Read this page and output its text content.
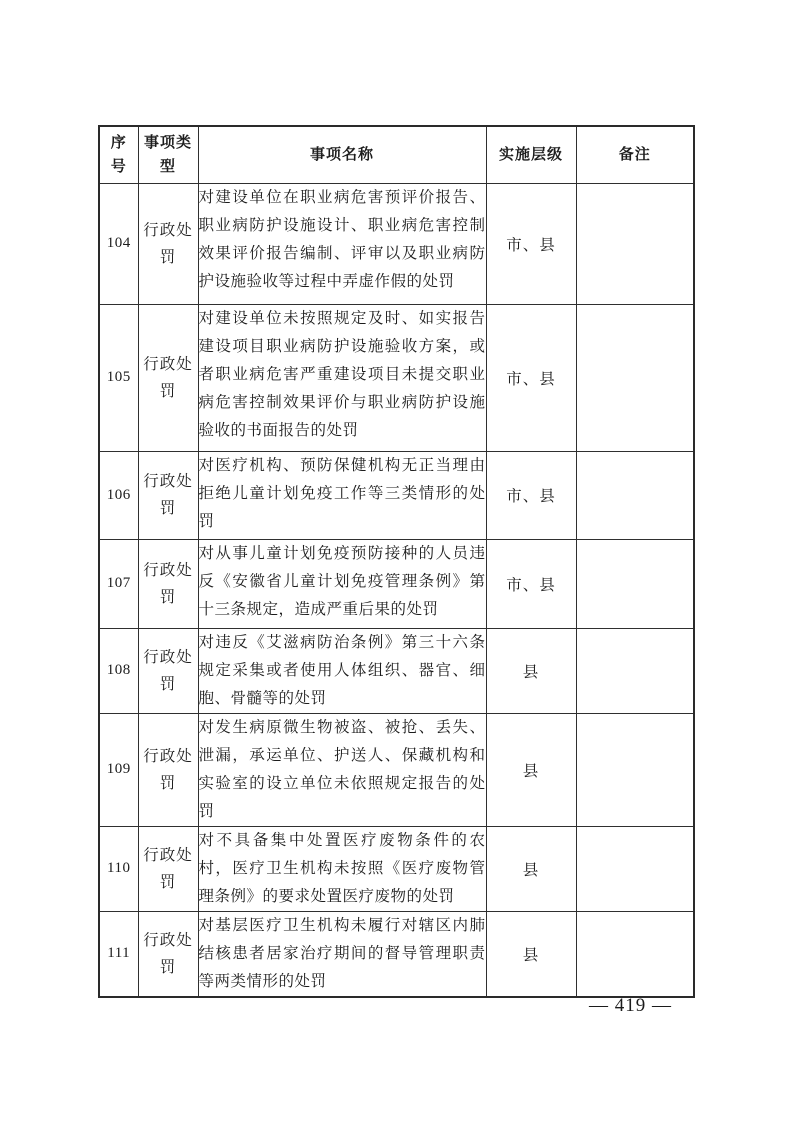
序号	事项类型	事项名称	实施层级	备注
104	行政处罚	对建设单位在职业病危害预评价报告、职业病防护设施设计、职业病危害控制效果评价报告编制、评审以及职业病防护设施验收等过程中弄虚作假的处罚	市、县	
105	行政处罚	对建设单位未按照规定及时、如实报告建设项目职业病防护设施验收方案，或者职业病危害严重建设项目未提交职业病危害控制效果评价与职业病防护设施验收的书面报告的处罚	市、县	
106	行政处罚	对医疗机构、预防保健机构无正当理由拒绝儿童计划免疫工作等三类情形的处罚	市、县	
107	行政处罚	对从事儿童计划免疫预防接种的人员违反《安徽省儿童计划免疫管理条例》第十三条规定，造成严重后果的处罚	市、县	
108	行政处罚	对违反《艾滋病防治条例》第三十六条规定采集或者使用人体组织、器官、细胞、骨髓等的处罚	县	
109	行政处罚	对发生病原微生物被盗、被抢、丢失、泄漏，承运单位、护送人、保藏机构和实验室的设立单位未依照规定报告的处罚	县	
110	行政处罚	对不具备集中处置医疗废物条件的农村，医疗卫生机构未按照《医疗废物管理条例》的要求处置医疗废物的处罚	县	
111	行政处罚	对基层医疗卫生机构未履行对辖区内肺结核患者居家治疗期间的督导管理职责等两类情形的处罚	县	
— 419 —
